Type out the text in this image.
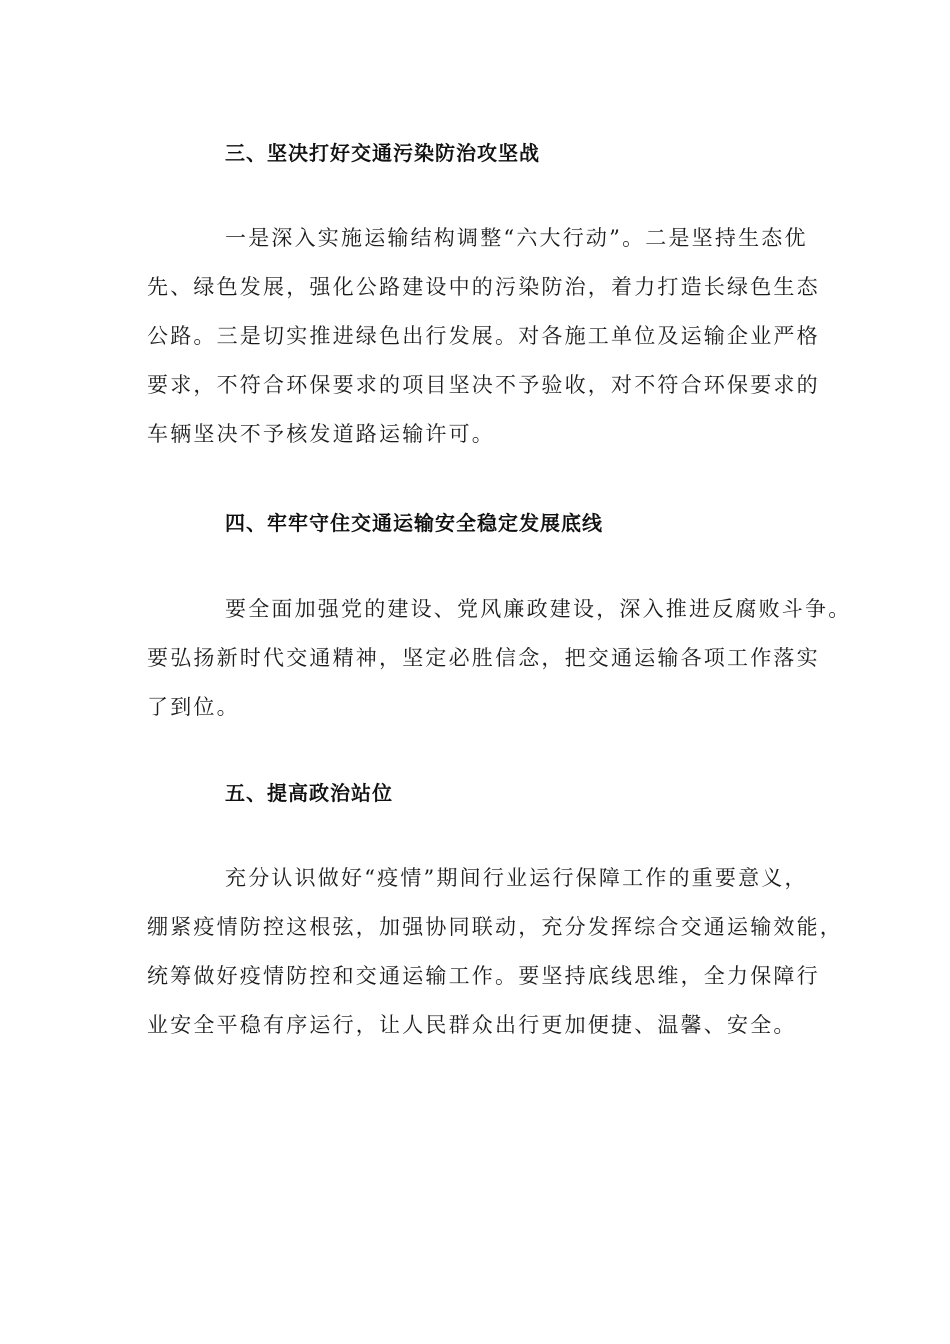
三、坚决打好交通污染防治攻坚战

一是深入实施运输结构调整“六大行动”。二是坚持生态优
先、绿色发展，强化公路建设中的污染防治，着力打造长绿色生态
公路。三是切实推进绿色出行发展。对各施工单位及运输企业严格
要求，不符合环保要求的项目坚决不予验收，对不符合环保要求的
车辆坚决不予核发道路运输许可。

四、牢牢守住交通运输安全稳定发展底线

要全面加强党的建设、党风廉政建设，深入推进反腐败斗争。
要弘扬新时代交通精神，坚定必胜信念，把交通运输各项工作落实
了到位。

五、提高政治站位

充分认识做好“疫情”期间行业运行保障工作的重要意义，
绷紧疫情防控这根弦，加强协同联动，充分发挥综合交通运输效能，
统筹做好疫情防控和交通运输工作。要坚持底线思维，全力保障行
业安全平稳有序运行，让人民群众出行更加便捷、温馨、安全。
